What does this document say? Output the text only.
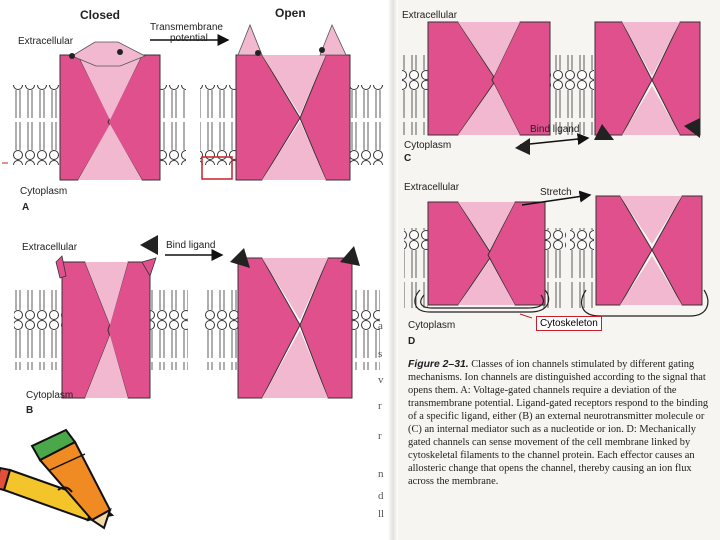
Closed	Open
Transmembrane
potential
Extracellular
Cytoplasm
A
Extracellular	Bind ligand
Cytoplasm
B
Extracellular
Bind ligand
Cytoplasm
C
Extracellular	Stretch
Cytoplasm	Cytoskeleton
D
a
s
v
r
r
n
d
ll
Figure 2–31. Classes of ion channels stimulated by different gating mechanisms. Ion channels are distinguished according to the signal that opens them. A: Voltage-gated channels require a deviation of the transmembrane potential. Ligand-gated receptors respond to the binding of a specific ligand, either (B) an external neurotransmitter molecule or (C) an internal mediator such as a nucleotide or ion. D: Mechanically gated channels can sense movement of the cell membrane linked by cytoskeletal filaments to the channel protein. Each effector causes an allosteric change that opens the channel, thereby causing an ion flux across the membrane.
